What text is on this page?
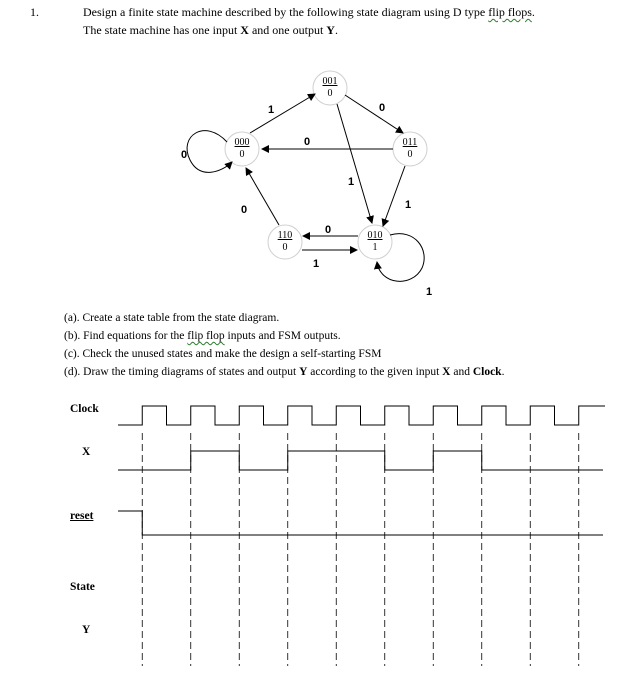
1.	Design a finite state machine described by the following state diagram using D type flip flops.
The state machine has one input X and one output Y.
001
0
000
0
011
0
110
0
010
1
0
1
0
0
1
1
0
0
1
1
(a). Create a state table from the state diagram.
(b). Find equations for the flip flop inputs and FSM outputs.
(c). Check the unused states and make the design a self-starting FSM
(d). Draw the timing diagrams of states and output Y according to the given input X and Clock.
Clock
X
reset
State
Y
